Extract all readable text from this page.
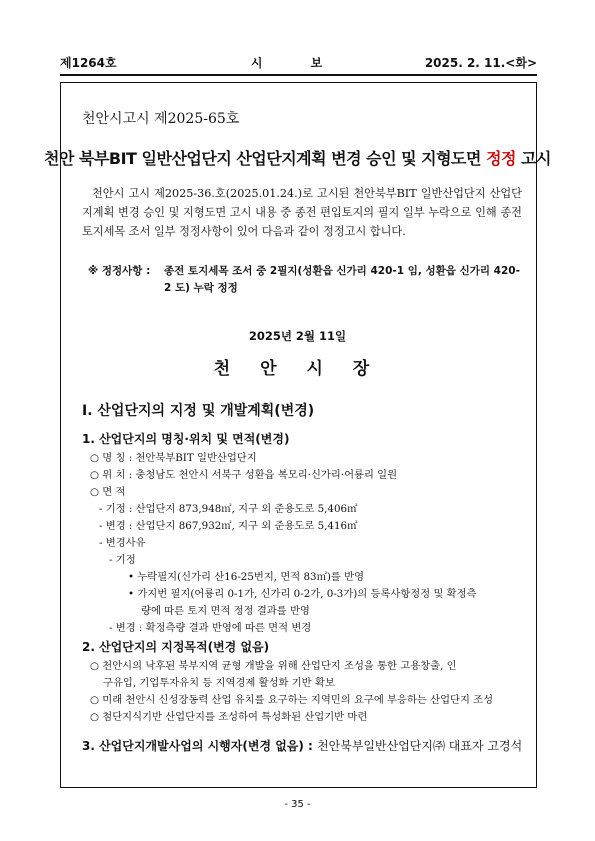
제1264호	시 보	2025. 2. 11.<화>
천안시고시 제2025-65호
천안 북부BIT 일반산업단지 산업단지계획 변경 승인 및 지형도면 정정 고시
천안시 고시 제2025-36.호(2025.01.24.)로 고시된 천안북부BIT 일반산업단지 산업단지계획 변경 승인 및 지형도면 고시 내용 중 종전 편입토지의 필지 일부 누락으로 인해 종전 토지세목 조서 일부 정정사항이 있어 다음과 같이 정정고시 합니다.
※ 정정사항 : 종전 토지세목 조서 중 2필지(성환읍 신가리 420-1 임, 성환읍 신가리 420-2 도) 누락 정정
2025년 2월 11일
천 안 시 장
Ⅰ. 산업단지의 지정 및 개발계획(변경)
1. 산업단지의 명칭·위치 및 면적(변경)
○ 명 칭 : 천안북부BIT 일반산업단지
○ 위 치 : 충청남도 천안시 서북구 성환읍 복모리·신가리·어룡리 일원
○ 면 적
- 기정 : 산업단지 873,948㎡, 지구 외 준용도로 5,406㎡
- 변경 : 산업단지 867,932㎡, 지구 외 준용도로 5,416㎡
- 변경사유
- 기정
• 누락필지(신가리 산16-25번지, 면적 83㎡)를 반영
• 가지번 필지(어룡리 0-1가, 신가리 0-2가, 0-3가)의 등록사항정정 및 확정측
량에 따른 토지 면적 정정 결과를 반영
- 변경 : 확정측량 결과 반영에 따른 면적 변경
2. 산업단지의 지정목적(변경 없음)
○ 천안시의 낙후된 북부지역 균형 개발을 위해 산업단지 조성을 통한 고용창출, 인
구유입, 기업투자유치 등 지역경제 활성화 기반 확보
○ 미래 천안시 신성장동력 산업 유치를 요구하는 지역민의 요구에 부응하는 산업단지 조성
○ 첨단지식기반 산업단지를 조성하여 특성화된 산업기반 마련
3. 산업단지개발사업의 시행자(변경 없음) : 천안북부일반산업단지㈜ 대표자 고경석
- 35 -
